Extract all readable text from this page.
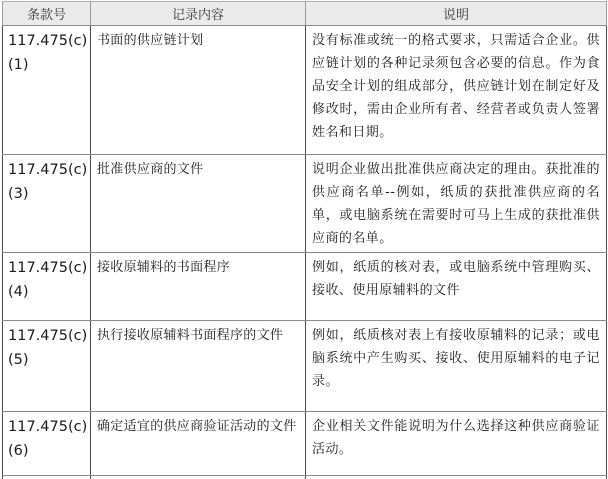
条款号	记录内容	说明
117.475(c)(1)	书面的供应链计划	没有标准或统一的格式要求，只需适合企业。供应链计划的各种记录须包含必要的信息。作为食品安全计划的组成部分，供应链计划在制定好及修改时，需由企业所有者、经营者或负责人签署姓名和日期。
117.475(c)(3)	批准供应商的文件	说明企业做出批准供应商决定的理由。获批准的供应商名单--例如，纸质的获批准供应商的名单，或电脑系统在需要时可马上生成的获批准供应商的名单。
117.475(c)(4)	接收原辅料的书面程序	例如，纸质的核对表，或电脑系统中管理购买、接收、使用原辅料的文件
117.475(c)(5)	执行接收原辅料书面程序的文件	例如，纸质核对表上有接收原辅料的记录；或电脑系统中产生购买、接收、使用原辅料的电子记录。
117.475(c)(6)	确定适宜的供应商验证活动的文件	企业相关文件能说明为什么选择这种供应商验证活动。
